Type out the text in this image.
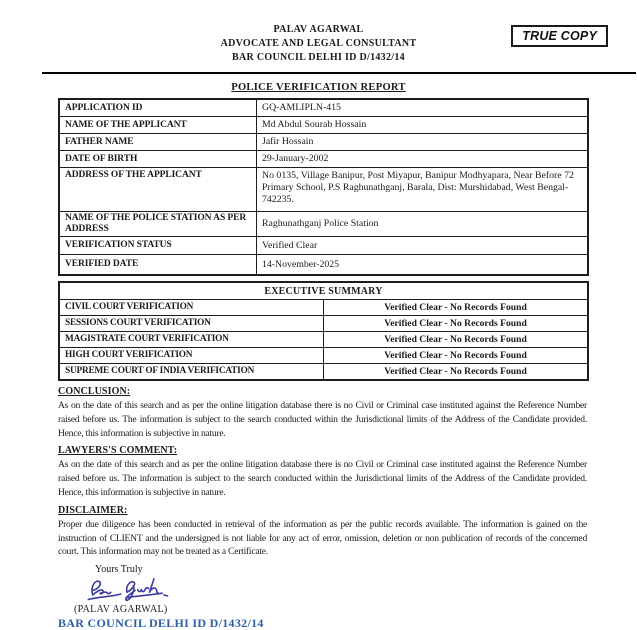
PALAV AGARWAL
ADVOCATE AND LEGAL CONSULTANT
BAR COUNCIL DELHI ID D/1432/14
TRUE COPY
POLICE VERIFICATION REPORT
APPLICATION ID	GQ-AMLIPLN-415
NAME OF THE APPLICANT	Md Abdul Sourab Hossain
FATHER NAME	Jafir Hossain
DATE OF BIRTH	29-January-2002
ADDRESS OF THE APPLICANT	No 0135, Village Banipur, Post Miyapur, Banipur Modhyapara, Near Before 72 Primary School, P.S Raghunathganj, Barala, Dist: Murshidabad, West Bengal-742235.
NAME OF THE POLICE STATION AS PER ADDRESS	Raghunathganj Police Station
VERIFICATION STATUS	Verified Clear
VERIFIED DATE	14-November-2025
EXECUTIVE SUMMARY	
CIVIL COURT VERIFICATION	Verified Clear - No Records Found
SESSIONS COURT VERIFICATION	Verified Clear - No Records Found
MAGISTRATE COURT VERIFICATION	Verified Clear - No Records Found
HIGH COURT VERIFICATION	Verified Clear - No Records Found
SUPREME COURT OF INDIA VERIFICATION	Verified Clear - No Records Found
CONCLUSION:

As on the date of this search and as per the online litigation database there is no Civil or Criminal case instituted against the Reference Number raised before us. The information is subject to the search conducted within the Jurisdictional limits of the Address of the Candidate provided. Hence, this information is subjective in nature.

LAWYERS'S COMMENT:

As on the date of this search and as per the online litigation database there is no Civil or Criminal case instituted against the Reference Number raised before us. The information is subject to the search conducted within the Jurisdictional limits of the Address of the Candidate provided. Hence, this information is subjective in nature.

DISCLAIMER:

Proper due diligence has been conducted in retrieval of the information as per the public records available. The information is gained on the instruction of CLIENT and the undersigned is not liable for any act of error, omission, deletion or non publication of records of the concerned court. This information may not be treated as a Certificate.

Yours Truly
(PALAV AGARWAL)
BAR COUNCIL DELHI ID D/1432/14
